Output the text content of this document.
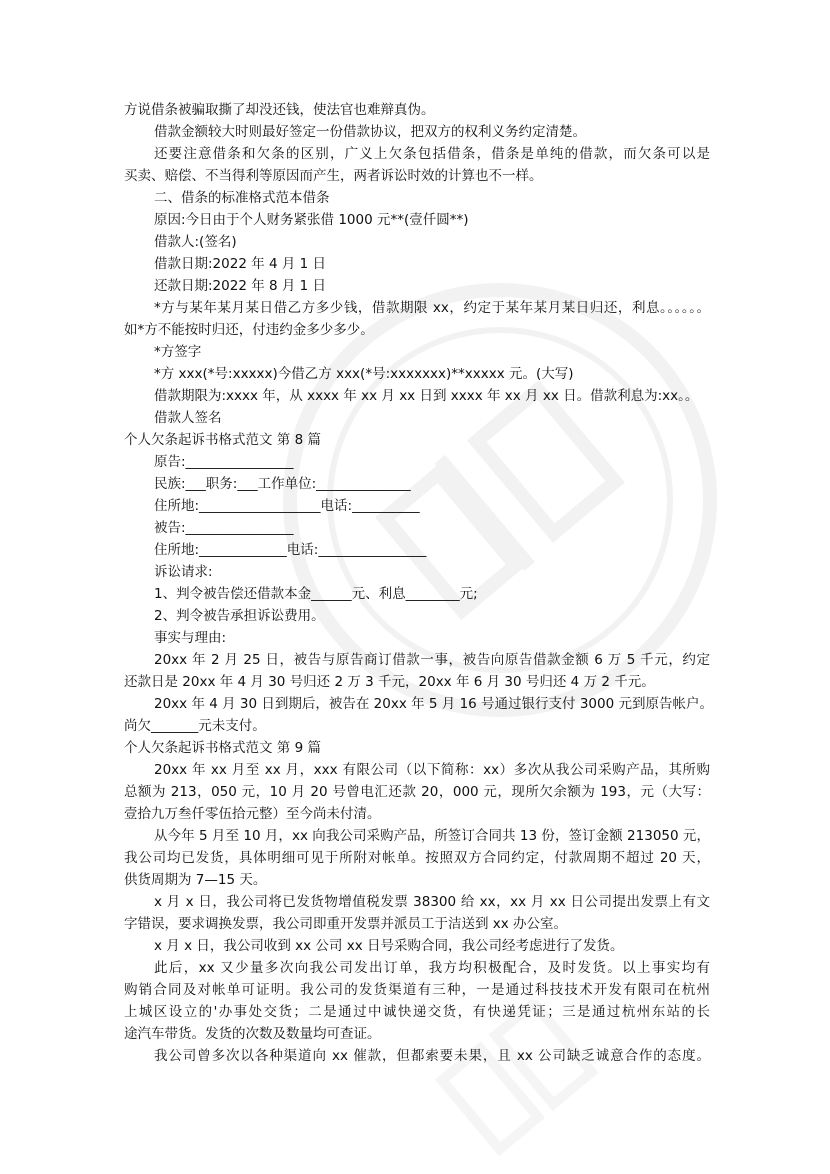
方说借条被骗取撕了却没还钱，使法官也难辩真伪。
借款金额较大时则最好签定一份借款协议，把双方的权利义务约定清楚。
还要注意借条和欠条的区别，广义上欠条包括借条，借条是单纯的借款，而欠条可以是
买卖、赔偿、不当得利等原因而产生，两者诉讼时效的计算也不一样。
二、借条的标准格式范本借条
原因:今日由于个人财务紧张借 1000 元**(壹仟圆**)
借款人:(签名)
借款日期:2022 年 4 月 1 日
还款日期:2022 年 8 月 1 日
*方与某年某月某日借乙方多少钱，借款期限 xx，约定于某年某月某日归还，利息。。。。。。
如*方不能按时归还，付违约金多少多少。
*方签字
*方 xxx(*号:xxxxx)今借乙方 xxx(*号:xxxxxxx)**xxxxx 元。(大写)
借款期限为:xxxx 年，从 xxxx 年 xx 月 xx 日到 xxxx 年 xx 月 xx 日。借款利息为:xx。。
借款人签名
个人欠条起诉书格式范文 第 8 篇
原告:________________
民族:___职务:___工作单位:______________
住所地:__________________电话:__________
被告:________________
住所地:_____________电话:________________
诉讼请求:
1、判令被告偿还借款本金______元、利息________元;
2、判令被告承担诉讼费用。
事实与理由:
20xx 年 2 月 25 日，被告与原告商订借款一事，被告向原告借款金额 6 万 5 千元，约定
还款日是 20xx 年 4 月 30 号归还 2 万 3 千元，20xx 年 6 月 30 号归还 4 万 2 千元。
20xx 年 4 月 30 日到期后，被告在 20xx 年 5 月 16 号通过银行支付 3000 元到原告帐户。
尚欠_______元未支付。
个人欠条起诉书格式范文 第 9 篇
20xx 年 xx 月至 xx 月，xxx 有限公司（以下简称：xx）多次从我公司采购产品，其所购
总额为 213，050 元，10 月 20 号曾电汇还款 20，000 元，现所欠余额为 193，元（大写：
壹拾九万叁仟零伍拾元整）至今尚未付清。
从今年 5 月至 10 月，xx 向我公司采购产品，所签订合同共 13 份，签订金额 213050 元，
我公司均已发货，具体明细可见于所附对帐单。按照双方合同约定，付款周期不超过 20 天，
供货周期为 7—15 天。
x 月 x 日，我公司将已发货物增值税发票 38300 给 xx，xx 月 xx 日公司提出发票上有文
字错误，要求调换发票，我公司即重开发票并派员工于洁送到 xx 办公室。
x 月 x 日，我公司收到 xx 公司 xx 日号采购合同，我公司经考虑进行了发货。
此后，xx 又少量多次向我公司发出订单，我方均积极配合，及时发货。以上事实均有
购销合同及对帐单可证明。我公司的发货渠道有三种，一是通过科技技术开发有限司在杭州
上城区设立的'办事处交货；二是通过中诚快递交货，有快递凭证；三是通过杭州东站的长
途汽车带货。发货的次数及数量均可查证。
我公司曾多次以各种渠道向 xx 催款，但都索要未果，且 xx 公司缺乏诚意合作的态度。
